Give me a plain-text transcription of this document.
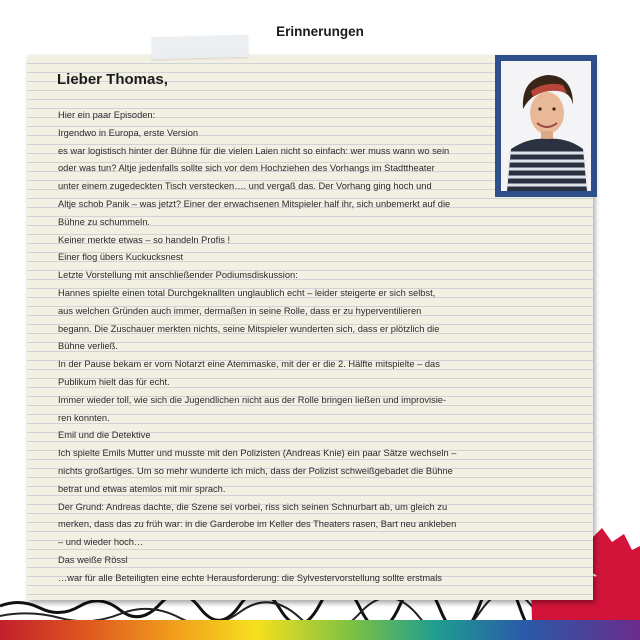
Erinnerungen
Lieber Thomas,
Hier ein paar Episoden:
Irgendwo in Europa, erste Version
es war logistisch hinter der Bühne für die vielen Laien nicht so einfach: wer muss wann wo sein
oder was tun? Altje jedenfalls sollte sich vor dem Hochziehen des Vorhangs im Stadttheater
unter einem zugedeckten Tisch verstecken…. und vergaß das. Der Vorhang ging hoch und
Altje schob Panik – was jetzt? Einer der erwachsenen Mitspieler half ihr, sich unbemerkt auf die
Bühne zu schummeln.
Keiner merkte etwas – so handeln Profis !
Einer flog übers Kuckucksnest
Letzte Vorstellung mit anschließender Podiumsdiskussion:
Hannes spielte einen total Durchgeknallten unglaublich echt – leider steigerte er sich selbst,
aus welchen Gründen auch immer, dermaßen in seine Rolle, dass er zu hyperventilieren
begann. Die Zuschauer merkten nichts, seine Mitspieler wunderten sich, dass er plötzlich die
Bühne verließ.
In der Pause bekam er vom Notarzt eine Atemmaske, mit der er die 2. Hälfte mitspielte – das
Publikum hielt das für echt.
Immer wieder toll, wie sich die Jugendlichen nicht aus der Rolle bringen ließen und improvisie-
ren konnten.
Emil und die Detektive
Ich spielte Emils Mutter und musste mit den Polizisten (Andreas Knie) ein paar Sätze wechseln –
nichts großartiges. Um so mehr wunderte ich mich, dass der Polizist schweißgebadet die Bühne
betrat und etwas atemlos mit mir sprach.
Der Grund: Andreas dachte, die Szene sei vorbei, riss sich seinen Schnurbart ab, um gleich zu
merken, dass das zu früh war: in die Garderobe im Keller des Theaters rasen, Bart neu ankleben
– und wieder hoch…
Das weiße Rössl
…war für alle Beteiligten eine echte Herausforderung: die Sylvestervorstellung sollte erstmals
